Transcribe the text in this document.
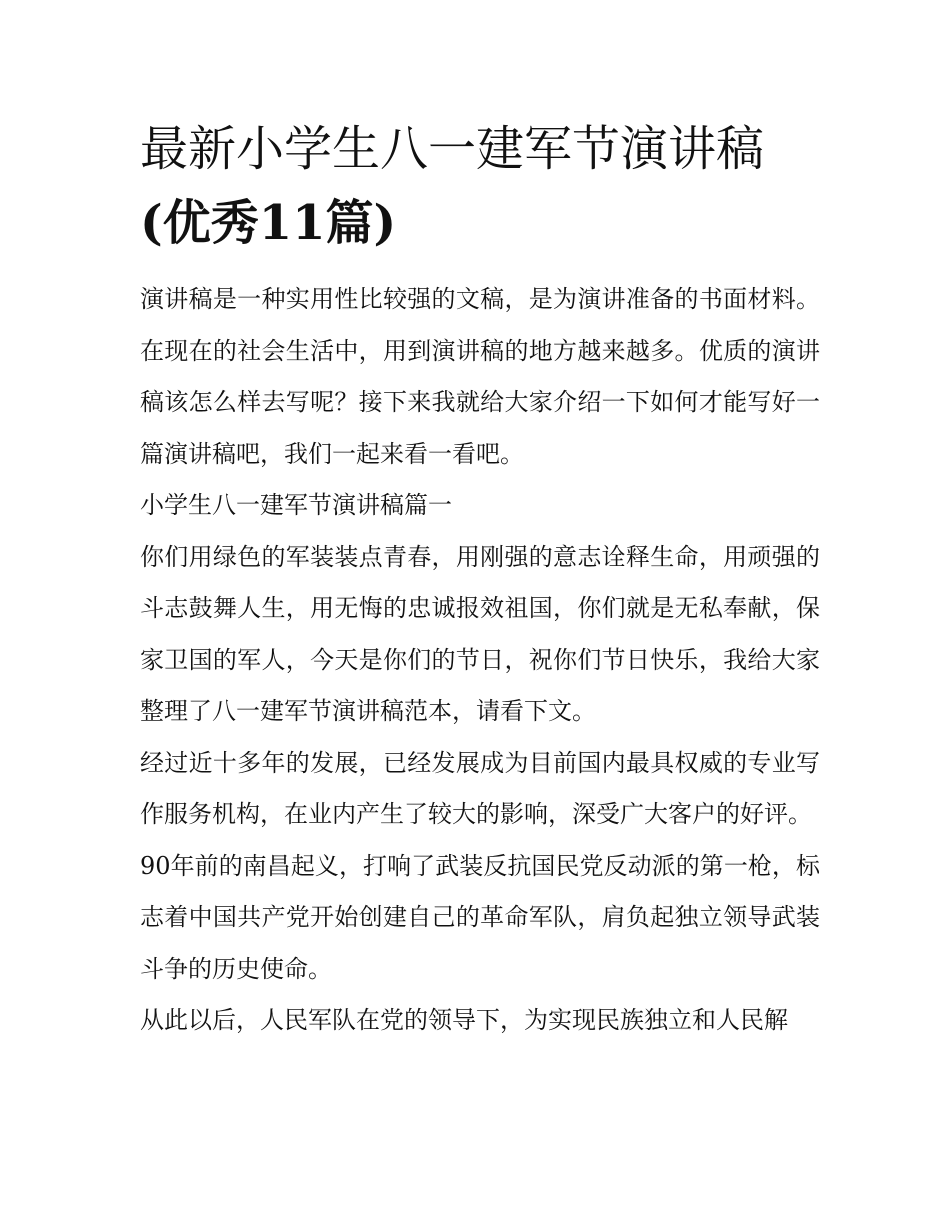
最新小学生八一建军节演讲稿
(优秀11篇)

演讲稿是一种实用性比较强的文稿，是为演讲准备的书面材料。在现在的社会生活中，用到演讲稿的地方越来越多。优质的演讲稿该怎么样去写呢？接下来我就给大家介绍一下如何才能写好一篇演讲稿吧，我们一起来看一看吧。

小学生八一建军节演讲稿篇一

你们用绿色的军装装点青春，用刚强的意志诠释生命，用顽强的斗志鼓舞人生，用无悔的忠诚报效祖国，你们就是无私奉献，保家卫国的军人，今天是你们的节日，祝你们节日快乐，我给大家整理了八一建军节演讲稿范本，请看下文。

经过近十多年的发展，已经发展成为目前国内最具权威的专业写作服务机构，在业内产生了较大的影响，深受广大客户的好评。

90年前的南昌起义，打响了武装反抗国民党反动派的第一枪，标志着中国共产党开始创建自己的革命军队，肩负起独立领导武装斗争的历史使命。

从此以后，人民军队在党的领导下，为实现民族独立和人民解
